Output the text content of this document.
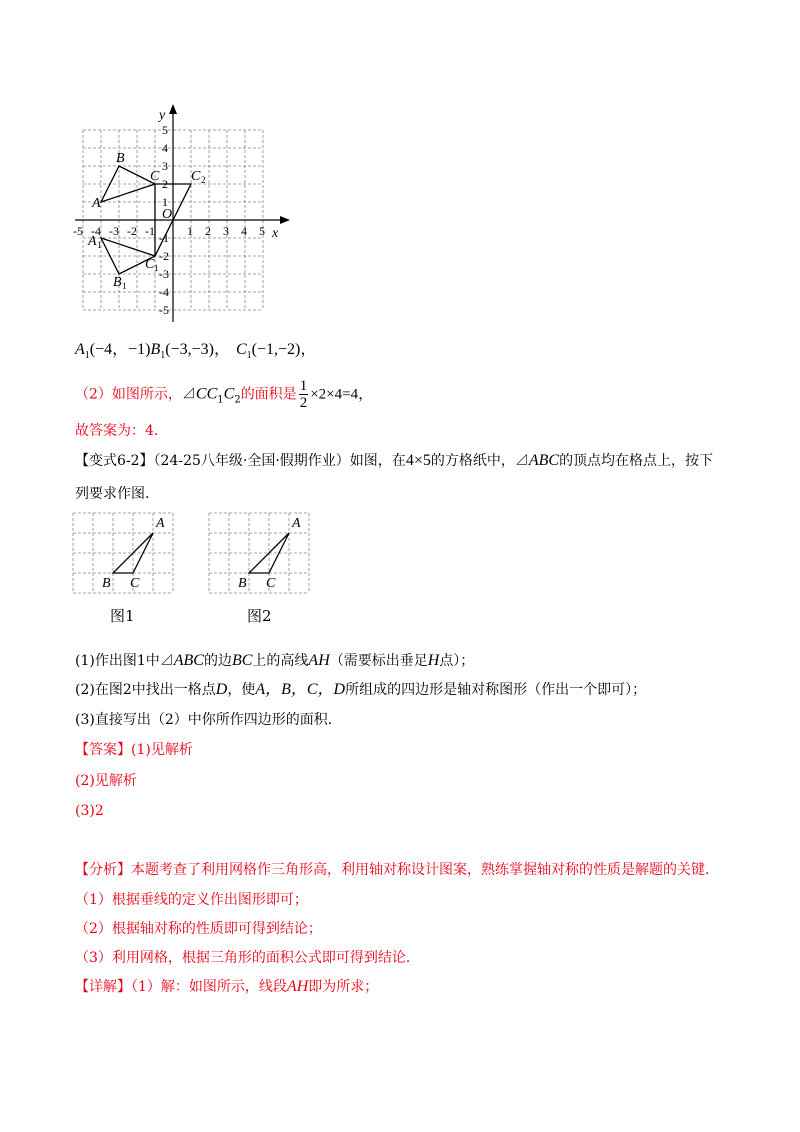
5
4
3
2
1
-1
-2
-3
-4
-5
-5 -4 -3 -2 -1	1 2 3 4 5
y
x
O
A
B
C C 2
A 1
B 1
C 1
$A_1(-4$，$-1)B_1(-3,-3)$， $C_1(-1,-2)$，
（2）如图所示，$⊿CC_1C_2$的面积是 $\frac{1}{2} \times 2\times 4=4$，
故答案为：4．
【变式6-2】（24-25八年级·全国·假期作业）如图，在4×5的方格纸中，⊿ABC的顶点均在格点上，按下
列要求作图．
A
B C
图1
A
B C
图2
(1)作出图1中⊿ABC的边BC上的高线AH（需要标出垂足H点）；
(2)在图2中找出一格点D，使A，B，C，D所组成的四边形是轴对称图形（作出一个即可）；
(3)直接写出（2）中你所作四边形的面积．
【答案】(1)见解析
(2)见解析
(3)2
【分析】本题考查了利用网格作三角形高，利用轴对称设计图案，熟练掌握轴对称的性质是解题的关键．
（1）根据垂线的定义作出图形即可；
（2）根据轴对称的性质即可得到结论；
（3）利用网格，根据三角形的面积公式即可得到结论．
【详解】（1）解：如图所示，线段AH即为所求；
